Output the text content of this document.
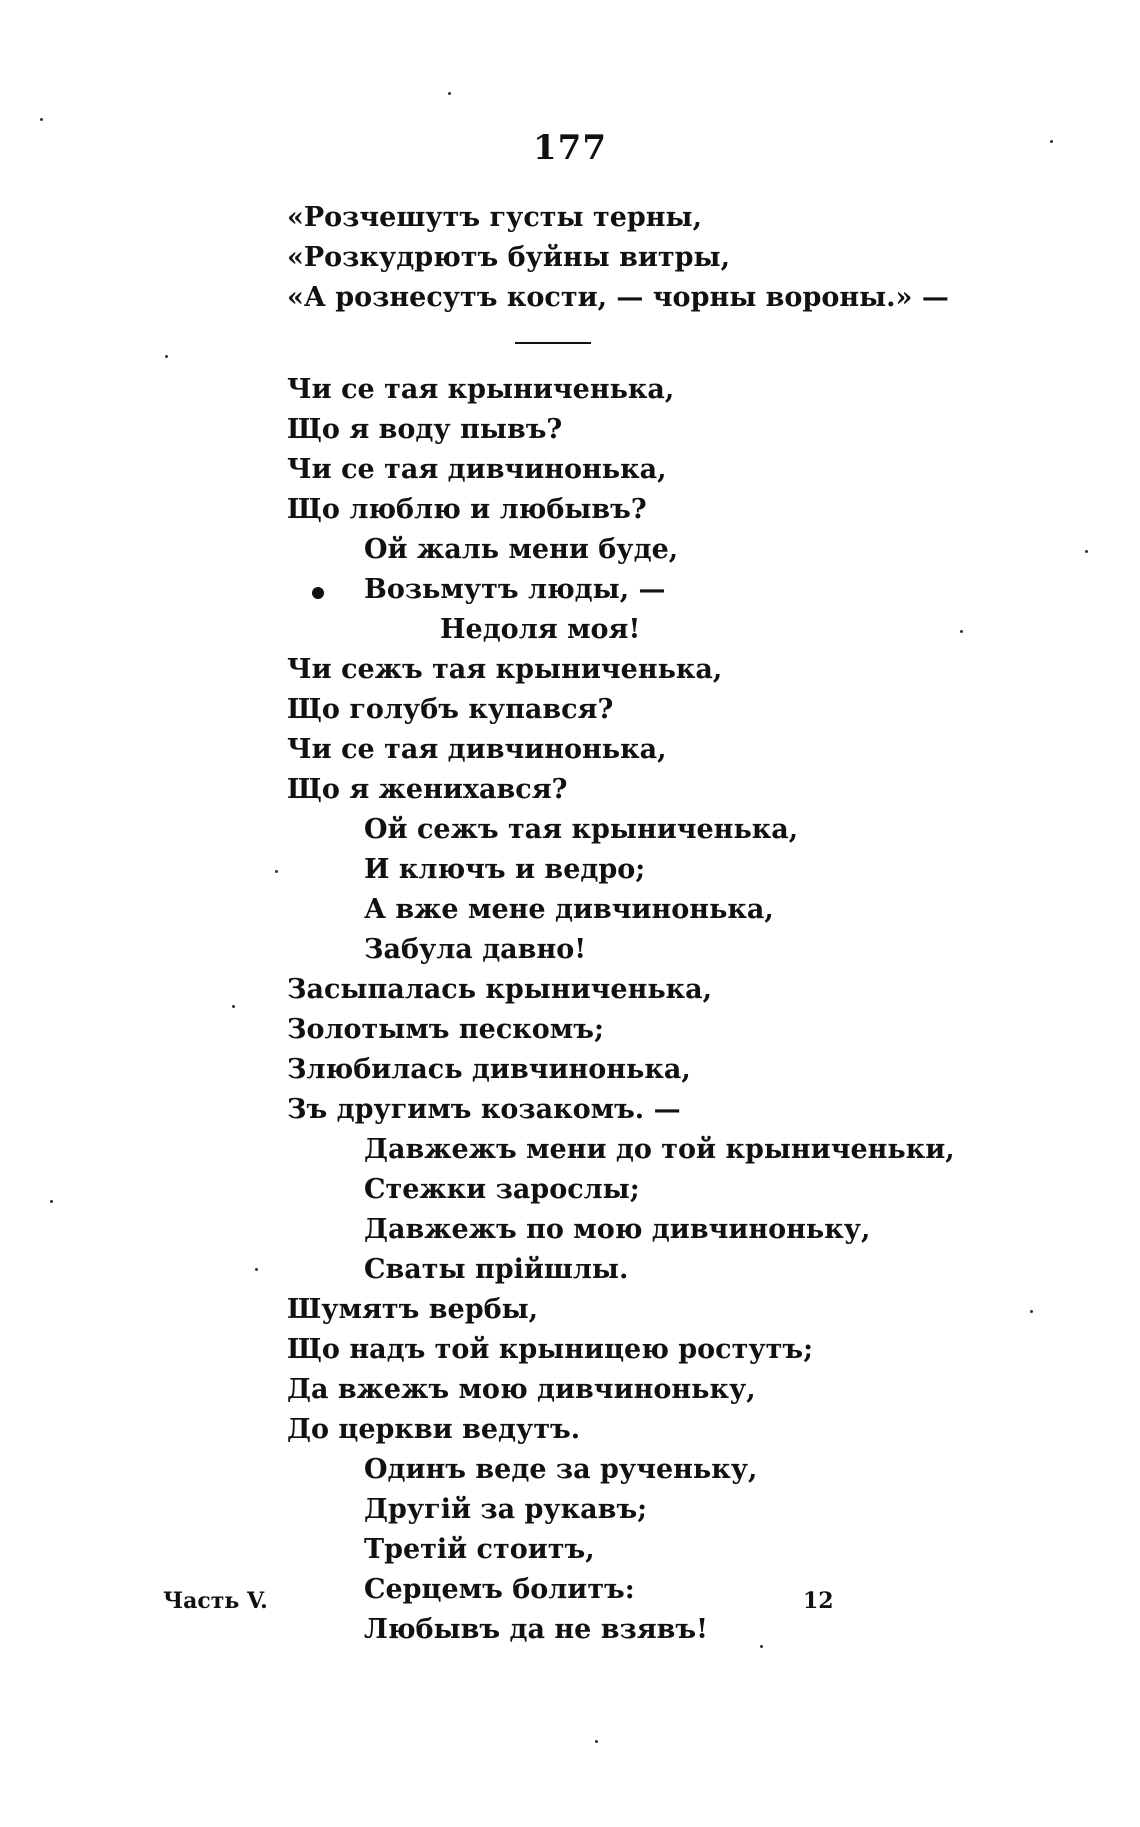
177
«Розчешутъ густы терны,
«Розкудрютъ буйны витры,
«А рознесутъ кости, — чорны вороны.» —
Чи се тая крыниченька,
Що я воду пывъ?
Чи се тая дивчинонька,
Що люблю и любывъ?
Ой жаль мени буде,
Возьмутъ люды, —
Недоля моя!
Чи сежъ тая крыниченька,
Що голубъ купався?
Чи се тая дивчинонька,
Що я женихався?
Ой сежъ тая крыниченька,
И ключъ и ведро;
А вже мене дивчинонька,
Забула давно!
Засыпалась крыниченька,
Золотымъ пескомъ;
Злюбилась дивчинонька,
Зъ другимъ козакомъ. —
Давжежъ мени до той крыниченьки,
Стежки зарослы;
Давжежъ по мою дивчиноньку,
Сваты прійшлы.
Шумятъ вербы,
Що надъ той крыницею ростутъ;
Да вжежъ мою дивчиноньку,
До церкви ведутъ.
Одинъ веде за рученьку,
Другій за рукавъ;
Третій стоитъ,
Серцемъ болитъ:
Любывъ да не взявъ!
Часть V.	12
